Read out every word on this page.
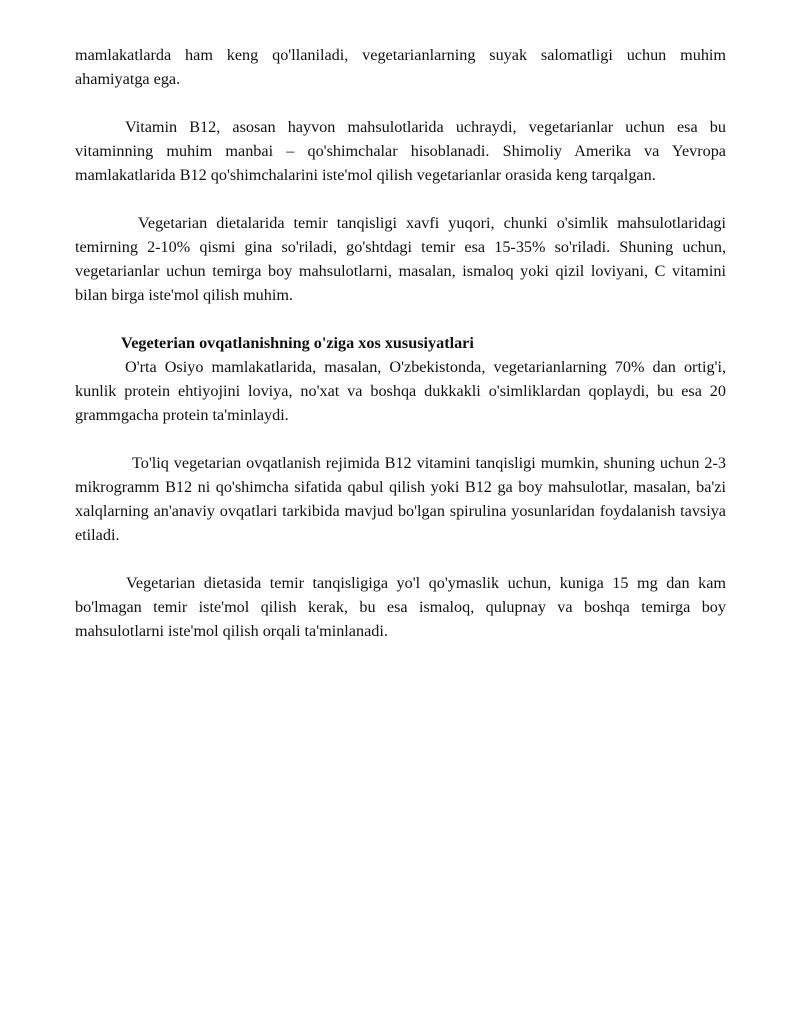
mamlakatlarda ham keng qo'llaniladi, vegetarianlarning suyak salomatligi uchun muhim ahamiyatga ega.

Vitamin B12, asosan hayvon mahsulotlarida uchraydi, vegetarianlar uchun esa bu vitaminning muhim manbai – qo'shimchalar hisoblanadi. Shimoliy Amerika va Yevropa mamlakatlarida B12 qo'shimchalarini iste'mol qilish vegetarianlar orasida keng tarqalgan.

Vegetarian dietalarida temir tanqisligi xavfi yuqori, chunki o'simlik mahsulotlaridagi temirning 2-10% qismi gina so'riladi, go'shtdagi temir esa 15-35% so'riladi. Shuning uchun, vegetarianlar uchun temirga boy mahsulotlarni, masalan, ismaloq yoki qizil loviyani, C vitamini bilan birga iste'mol qilish muhim.

Vegeterian ovqatlanishning o'ziga xos xususiyatlari

O'rta Osiyo mamlakatlarida, masalan, O'zbekistonda, vegetarianlarning 70% dan ortig'i, kunlik protein ehtiyojini loviya, no'xat va boshqa dukkakli o'simliklardan qoplaydi, bu esa 20 grammgacha protein ta'minlaydi.

To'liq vegetarian ovqatlanish rejimida B12 vitamini tanqisligi mumkin, shuning uchun 2-3 mikrogramm B12 ni qo'shimcha sifatida qabul qilish yoki B12 ga boy mahsulotlar, masalan, ba'zi xalqlarning an'anaviy ovqatlari tarkibida mavjud bo'lgan spirulina yosunlaridan foydalanish tavsiya etiladi.

Vegetarian dietasida temir tanqisligiga yo'l qo'ymaslik uchun, kuniga 15 mg dan kam bo'lmagan temir iste'mol qilish kerak, bu esa ismaloq, qulupnay va boshqa temirga boy mahsulotlarni iste'mol qilish orqali ta'minlanadi.
